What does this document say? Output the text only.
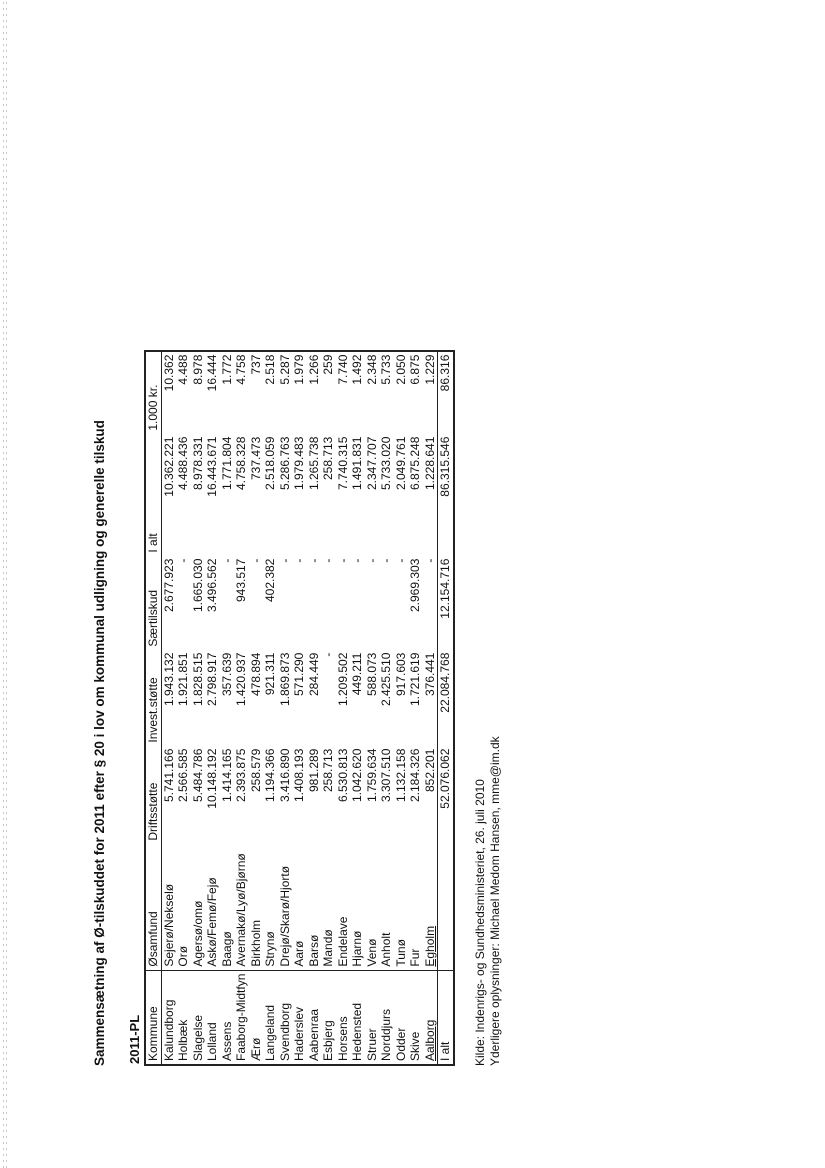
Sammensætning af Ø-tilskuddet for 2011 efter § 20 i lov om kommunal udligning og generelle tilskud 2011-PL Kommune	Øsamfund	Driftsstøtte	Invest.støtte	Særtilskud	I alt	1.000 kr.
Kalundborg	Sejerø/Nekselø	5.741.166	1.943.132	2.677.923	10.362.221	10.362
Holbæk	Orø	2.566.585	1.921.851	-	4.488.436	4.488
Slagelse	Agersø/omø	5.484.786	1.828.515	1.665.030	8.978.331	8.978
Lolland	Askø/Femø/Fejø	10.148.192	2.798.917	3.496.562	16.443.671	16.444
Assens	Baagø	1.414.165	357.639	-	1.771.804	1.772
Faaborg-Midtfyn	Avernakø/Lyø/Bjørnø	2.393.875	1.420.937	943.517	4.758.328	4.758
Ærø	Birkholm	258.579	478.894	-	737.473	737
Langeland	Strynø	1.194.366	921.311	402.382	2.518.059	2.518
Svendborg	Drejø/Skarø/Hjortø	3.416.890	1.869.873	-	5.286.763	5.287
Haderslev	Aarø	1.408.193	571.290	-	1.979.483	1.979
Aabenraa	Barsø	981.289	284.449	-	1.265.738	1.266
Esbjerg	Mandø	258.713	-	-	258.713	259
Horsens	Endelave	6.530.813	1.209.502	-	7.740.315	7.740
Hedensted	Hjarnø	1.042.620	449.211	-	1.491.831	1.492
Struer	Venø	1.759.634	588.073	-	2.347.707	2.348
Norddjurs	Anholt	3.307.510	2.425.510	-	5.733.020	5.733
Odder	Tunø	1.132.158	917.603	-	2.049.761	2.050
Skive	Fur	2.184.326	1.721.619	2.969.303	6.875.248	6.875
Aalborg	Egholm	852.201	376.441	-	1.228.641	1.229
I alt		52.076.062	22.084.768	12.154.716	86.315.546	86.316
Kilde: Indenrigs- og Sundhedsministeriet, 26. juli 2010 Yderligere oplysninger: Michael Medom Hansen, mme@im.dk
